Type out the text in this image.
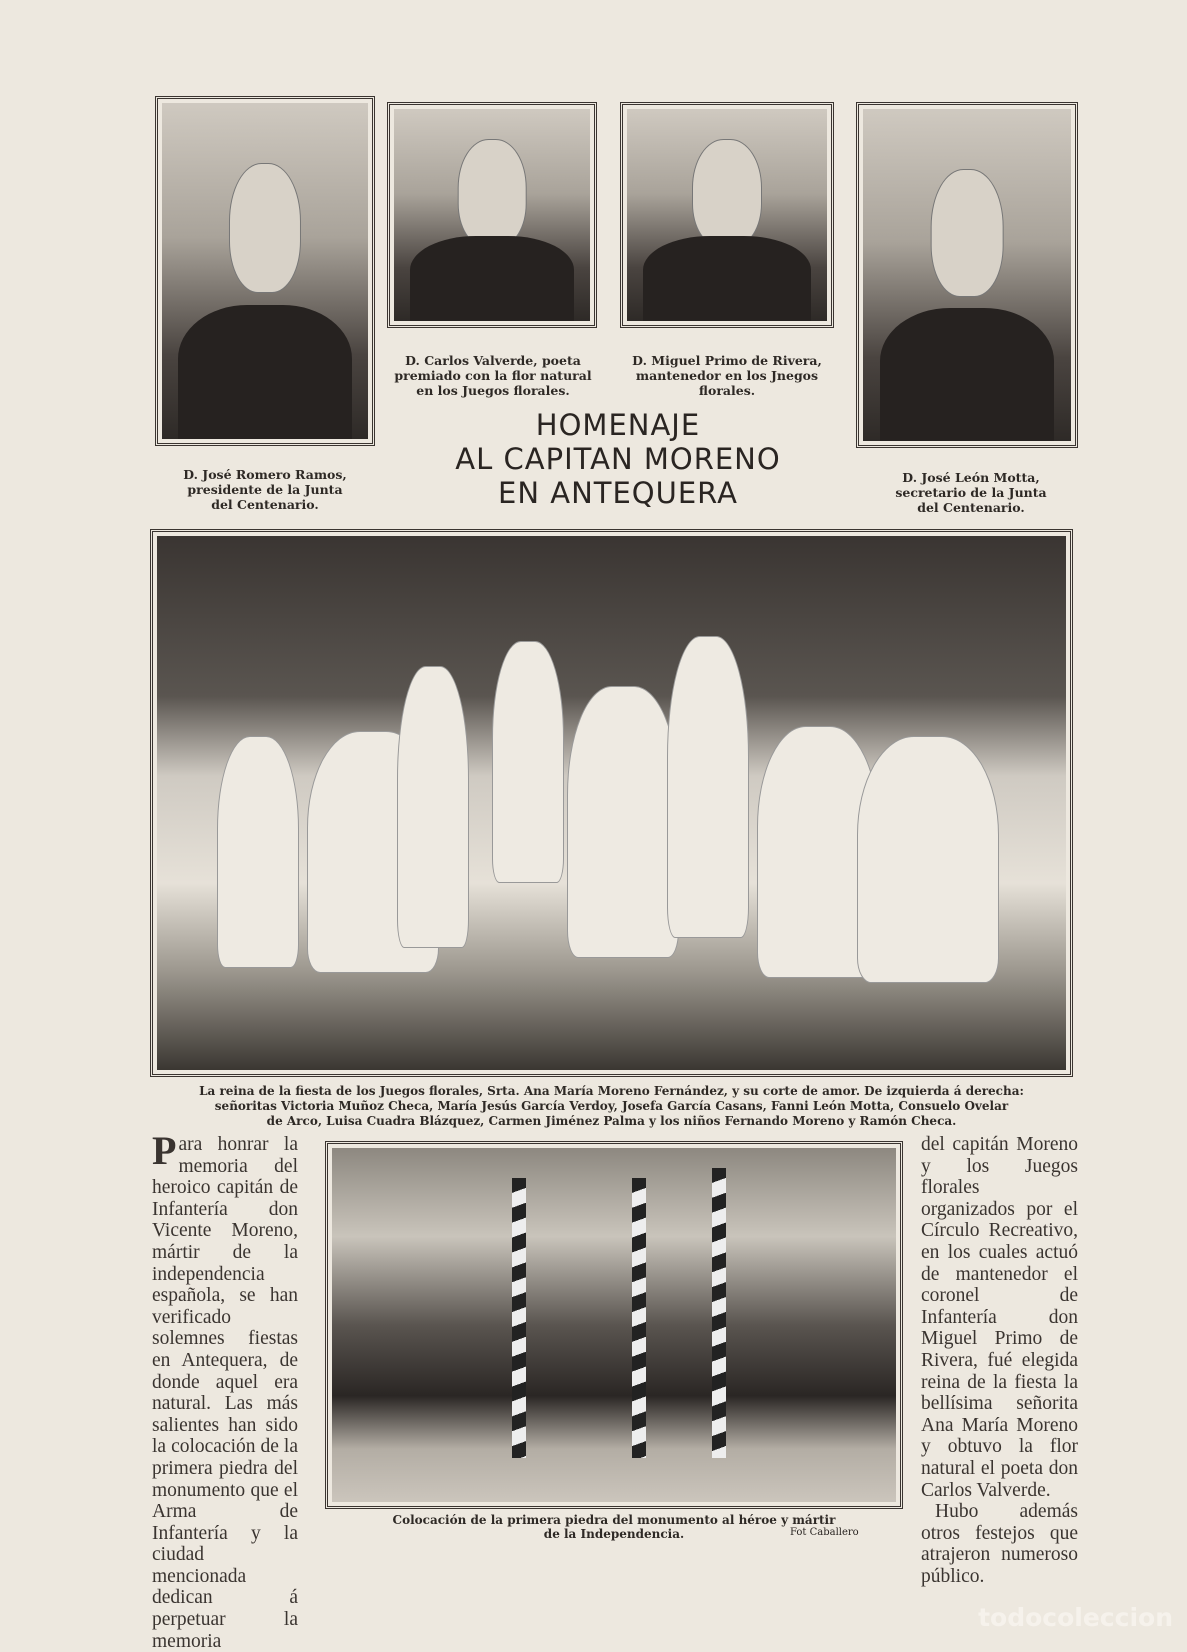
D. José Romero Ramos,
presidente de la Junta
del Centenario.
D. Carlos Valverde, poeta
premiado con la flor natural
en los Juegos florales.
D. Miguel Primo de Rivera,
mantenedor en los Jnegos
florales.
D. José León Motta,
secretario de la Junta
del Centenario.
HOMENAJE
AL CAPITAN MORENO
EN ANTEQUERA
La reina de la fiesta de los Juegos florales, Srta. Ana María Moreno Fernández, y su corte de amor. De izquierda á derecha:
señoritas Victoria Muñoz Checa, María Jesús García Verdoy, Josefa García Casans, Fanni León Motta, Consuelo Ovelar
de Arco, Luisa Cuadra Blázquez, Carmen Jiménez Palma y los niños Fernando Moreno y Ramón Checa.

Para honrar la memoria del heroico capitán de Infantería don Vicente Moreno, mártir de la independencia española, se han verificado solemnes fiestas en Antequera, de donde aquel era natural. Las más salientes han sido la colocación de la primera piedra del monumento que el Arma de Infantería y la ciudad mencionada dedican á perpetuar la memoria

del capitán Moreno y los Juegos florales organizados por el Círculo Recreativo, en los cuales actuó de mantenedor el coronel de Infantería don Miguel Primo de Rivera, fué elegida reina de la fiesta la bellísima señorita Ana María Moreno y obtuvo la flor natural el poeta don Carlos Valverde.

Hubo además otros festejos que atrajeron numeroso público.

Colocación de la primera piedra del monumento al héroe y mártir
de la Independencia.	Fot Caballero
todocoleccion
